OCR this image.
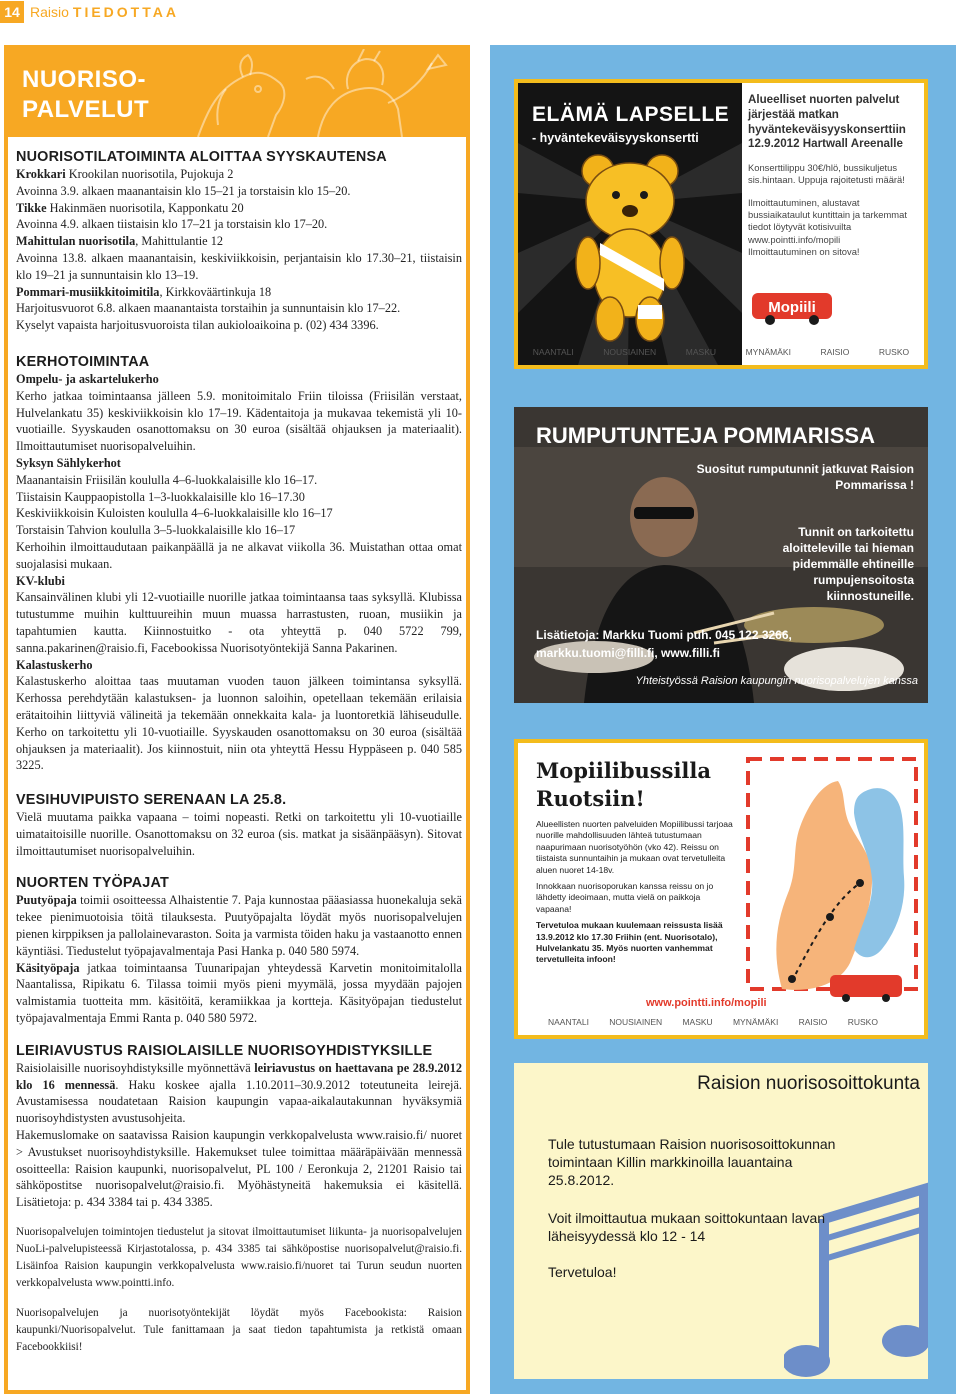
14 Raisio TIEDOTTAA
NUORISO-
PALVELUT
NUORISOTILATOIMINTA ALOITTAA SYYSKAUTENSA

Krokkari Krookilan nuorisotila, Pujokuja 2

Avoinna 3.9. alkaen maanantaisin klo 15–21 ja torstaisin klo 15–20.

Tikke Hakinmäen nuorisotila, Kapponkatu 20

Avoinna 4.9. alkaen tiistaisin klo 17–21 ja torstaisin klo 17–20.

Mahittulan nuorisotila, Mahittulantie 12

Avoinna 13.8. alkaen maanantaisin, keskiviikkoisin, perjantaisin klo 17.30–21, tiistaisin klo 19–21 ja sunnuntaisin klo 13–19.

Pommari-musiikkitoimitila, Kirkkoväärtinkuja 18

Harjoitusvuorot 6.8. alkaen maanantaista torstaihin ja sunnuntaisin klo 17–22.

Kyselyt vapaista harjoitusvuoroista tilan aukioloaikoina p. (02) 434 3396.

KERHOTOIMINTAA

Ompelu- ja askartelukerho

Kerho jatkaa toimintaansa jälleen 5.9. monitoimitalo Friin tiloissa (Friisilän verstaat, Hulvelankatu 35) keskiviikkoisin klo 17–19. Kädentaitoja ja mukavaa tekemistä yli 10-vuotiaille. Syyskauden osanottomaksu on 30 euroa (sisältää ohjauksen ja materiaalit). Ilmoittautumiset nuorisopalveluihin.

Syksyn Sählykerhot

Maanantaisin Friisilän koululla 4–6-luokkalaisille klo 16–17.

Tiistaisin Kauppaopistolla 1–3-luokkalaisille klo 16–17.30

Keskiviikkoisin Kuloisten koululla 4–6-luokkalaisille klo 16–17

Torstaisin Tahvion koululla 3–5-luokkalaisille klo 16–17

Kerhoihin ilmoittaudutaan paikanpäällä ja ne alkavat viikolla 36. Muistathan ottaa omat suojalasisi mukaan.

KV-klubi

Kansainvälinen klubi yli 12-vuotiaille nuorille jatkaa toimintaansa taas syksyllä. Klubissa tutustumme muihin kulttuureihin muun muassa harrastusten, ruoan, musiikin ja tapahtumien kautta. Kiinnostuitko - ota yhteyttä p. 040 5722 799, sanna.pakarinen@raisio.fi, Facebookissa Nuorisotyöntekijä Sanna Pakarinen.

Kalastuskerho

Kalastuskerho aloittaa taas muutaman vuoden tauon jälkeen toimintansa syksyllä. Kerhossa perehdytään kalastuksen- ja luonnon saloihin, opetellaan tekemään erilaisia erätaitoihin liittyviä välineitä ja tekemään onnekkaita kala- ja luontoretkiä lähiseudulle. Kerho on tarkoitettu yli 10-vuotiaille. Syyskauden osanottomaksu on 30 euroa (sisältää ohjauksen ja materiaalit). Jos kiinnostuit, niin ota yhteyttä Hessu Hyppäseen p. 040 585 3225.

VESIHUVIPUISTO SERENAAN LA 25.8.

Vielä muutama paikka vapaana – toimi nopeasti. Retki on tarkoitettu yli 10-vuotiaille uimataitoisille nuorille. Osanottomaksu on 32 euroa (sis. matkat ja sisäänpääsyn). Sitovat ilmoittautumiset nuorisopalveluihin.

NUORTEN TYÖPAJAT

Puutyöpaja toimii osoitteessa Alhaistentie 7. Paja kunnostaa pääasiassa huonekaluja sekä tekee pienimuotoisia töitä tilauksesta. Puutyöpajalta löydät myös nuorisopalvelujen pienen kirppiksen ja pallolainevaraston. Soita ja varmista töiden haku ja vastaanotto ennen käyntiäsi. Tiedustelut työpajavalmentaja Pasi Hanka p. 040 580 5974.

Käsityöpaja jatkaa toimintaansa Tuunaripajan yhteydessä Karvetin monitoimitalolla Naantalissa, Ripikatu 6. Tilassa toimii myös pieni myymälä, jossa myydään pajojen valmistamia tuotteita mm. käsitöitä, keramiikkaa ja kortteja. Käsityöpajan tiedustelut työpajavalmentaja Emmi Ranta p. 040 580 5972.

LEIRIAVUSTUS RAISIOLAISILLE NUORISOYHDISTYKSILLE

Raisiolaisille nuorisoyhdistyksille myönnettävä leiriavustus on haettavana pe 28.9.2012 klo 16 mennessä. Haku koskee ajalla 1.10.2011–30.9.2012 toteutuneita leirejä. Avustamisessa noudatetaan Raision kaupungin vapaa-aikalautakunnan hyväksymiä nuorisoyhdistysten avustusohjeita.

Hakemuslomake on saatavissa Raision kaupungin verkkopalvelusta www.raisio.fi/ nuoret > Avustukset nuorisoyhdistyksille. Hakemukset tulee toimittaa määräpäivään mennessä osoitteella: Raision kaupunki, nuorisopalvelut, PL 100 / Eeronkuja 2, 21201 Raisio tai sähköpostitse nuorisopalvelut@raisio.fi. Myöhästyneitä hakemuksia ei käsitellä. Lisätietoja: p. 434 3384 tai p. 434 3385.

Nuorisopalvelujen toimintojen tiedustelut ja sitovat ilmoittautumiset liikunta- ja nuorisopalvelujen NuoLi-palvelupisteessä Kirjastotalossa, p. 434 3385 tai sähköpostise nuorisopalvelut@raisio.fi. Lisäinfoa Raision kaupungin verkkopalvelusta www.raisio.fi/nuoret tai Turun seudun nuorten verkkopalvelusta www.pointti.info.

Nuorisopalvelujen ja nuorisotyöntekijät löydät myös Facebookista: Raision kaupunki/Nuorisopalvelut. Tule fanittamaan ja saat tiedon tapahtumista ja retkistä omaan Facebookkiisi!

ELÄMÄ LAPSELLE
- hyväntekeväisyyskonsertti

Alueelliset nuorten palvelut järjestää matkan hyväntekeväisyyskonserttiin 12.9.2012 Hartwall Areenalle

Konserttilippu 30€/hlö, bussikuljetus sis.hintaan. Uppuja rajoitetusti määrä!

Ilmoittautuminen, alustavat bussiaikataulut kuntittain ja tarkemmat tiedot löytyvät kotisivuilta www.pointti.info/mopili

Ilmoittautuminen on sitova!

Mopiili
NAANTALI	NOUSIAINEN	MASKU	MYNÄMÄKI	RAISIO	RUSKO
RUMPUTUNTEJA POMMARISSA
Suositut rumputunnit jatkuvat Raision Pommarissa !
Tunnit on tarkoitettu aloitteleville tai hieman pidemmälle ehtineille rumpujensoitosta kiinnostuneille.
Lisätietoja: Markku Tuomi puh. 045 122 3266,
markku.tuomi@filli.fi, www.filli.fi
Yhteistyössä Raision kaupungin nuorisopalvelujen kanssa
Mopiilibussilla
Ruotsiin!

Alueellisten nuorten palveluiden Mopiilibussi tarjoaa nuorille mahdollisuuden lähteä tutustumaan naapurimaan nuorisotyöhön (vko 42). Reissu on tiistaista sunnuntaihin ja mukaan ovat tervetulleita aluen nuoret 14-18v.

Innokkaan nuorisoporukan kanssa reissu on jo lähdetty ideoimaan, mutta vielä on paikkoja vapaana!

Tervetuloa mukaan kuulemaan reissusta lisää 13.9.2012 klo 17.30 Friihin (ent. Nuorisotalo), Hulvelankatu 35. Myös nuorten vanhemmat tervetulleita infoon!

www.pointti.info/mopili
NAANTALI NOUSIAINEN MASKU MYNÄMÄKI RAISIO RUSKO
Raision nuorisosoittokunta
Tule tutustumaan Raision nuorisosoittokunnan toimintaan Killin markkinoilla lauantaina 25.8.2012.
Voit ilmoittautua mukaan soittokuntaan lavan läheisyydessä klo 12 - 14
Tervetuloa!
